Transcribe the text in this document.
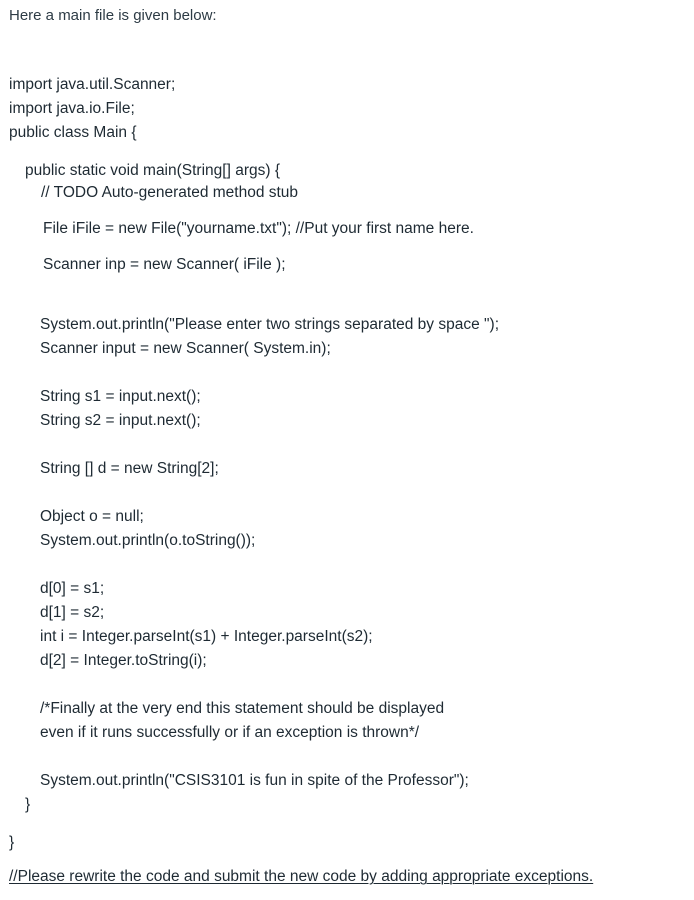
Here a main file is given below:
import java.util.Scanner;
import java.io.File;
public class Main {
public static void main(String[] args) {
// TODO Auto-generated method stub
File iFile = new File("yourname.txt"); //Put your first name here.
Scanner inp = new Scanner( iFile );
System.out.println("Please enter two strings separated by space ");
Scanner input = new Scanner( System.in);
String s1 = input.next();
String s2 = input.next();
String [] d = new String[2];
Object o = null;
System.out.println(o.toString());
d[0] = s1;
d[1] = s2;
int i = Integer.parseInt(s1) + Integer.parseInt(s2);
d[2] = Integer.toString(i);
/*Finally at the very end this statement should be displayed
even if it runs successfully or if an exception is thrown*/
System.out.println("CSIS3101 is fun in spite of the Professor");
}
}
//Please rewrite the code and submit the new code by adding appropriate exceptions.
